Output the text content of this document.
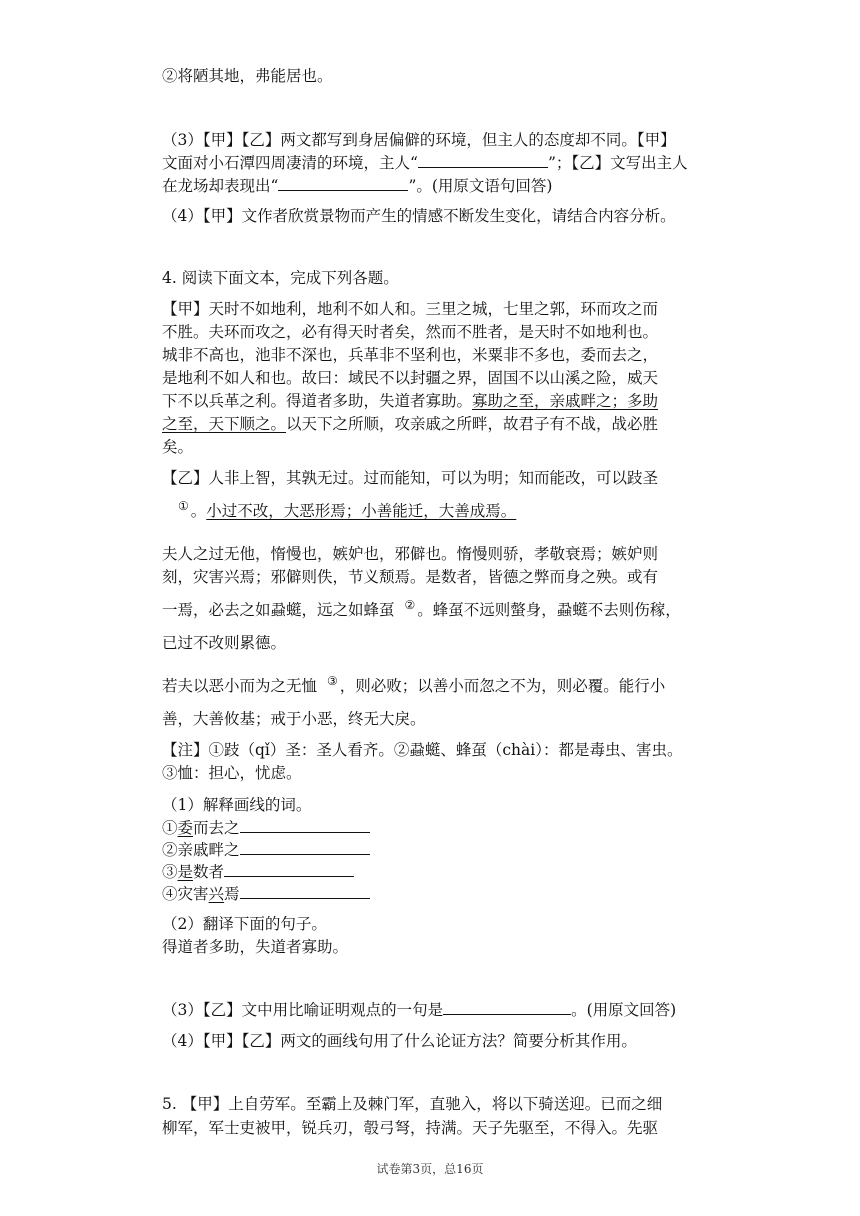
②将陋其地，弗能居也。
（3）【甲】【乙】两文都写到身居偏僻的环境，但主人的态度却不同。【甲】
文面对小石潭四周凄清的环境，主人“	”；【乙】文写出主人
在龙场却表现出“	”。(用原文语句回答)
（4）【甲】文作者欣赏景物而产生的情感不断发生变化，请结合内容分析。
4. 阅读下面文本，完成下列各题。
【甲】天时不如地利，地利不如人和。三里之城，七里之郭，环而攻之而
不胜。夫环而攻之，必有得天时者矣，然而不胜者，是天时不如地利也。
城非不高也，池非不深也，兵革非不坚利也，米粟非不多也，委而去之，
是地利不如人和也。故曰：域民不以封疆之界，固国不以山溪之险，威天
下不以兵革之利。得道者多助，失道者寡助。寡助之至，亲戚畔之；多助
之至，天下顺之。以天下之所顺，攻亲戚之所畔，故君子有不战，战必胜
矣。
【乙】人非上智，其孰无过。过而能知，可以为明；知而能改，可以跂圣
① 。小过不改，大恶形焉；小善能迁，大善成焉。
夫人之过无他，惰慢也，嫉妒也，邪僻也。惰慢则骄，孝敬衰焉；嫉妒则
刻，灾害兴焉；邪僻则佚，节义颓焉。是数者，皆德之弊而身之殃。或有
一焉，必去之如蝨䗴，远之如蜂虿 ② 。蜂虿不远则螫身，蝨䗴不去则伤稼，
已过不改则累德。
若夫以恶小而为之无恤 ③ ，则必败；以善小而忽之不为，则必覆。能行小
善，大善攸基；戒于小恶，终无大戾。
【注】①跂（qǐ）圣：圣人看齐。②蝨䗴、蜂虿（chài）：都是毒虫、害虫。
③恤：担心，忧虑。
（1）解释画线的词。
①委而去之
②亲戚畔之
③是数者
④灾害兴焉
（2）翻译下面的句子。
得道者多助，失道者寡助。
（3）【乙】文中用比喻证明观点的一句是	。(用原文回答)
（4）【甲】【乙】两文的画线句用了什么论证方法？简要分析其作用。
5. 【甲】上自劳军。至霸上及棘门军，直驰入，将以下骑送迎。已而之细
柳军，军士吏被甲，锐兵刃，彀弓弩，持满。天子先驱至，不得入。先驱
试卷第3页，总16页
